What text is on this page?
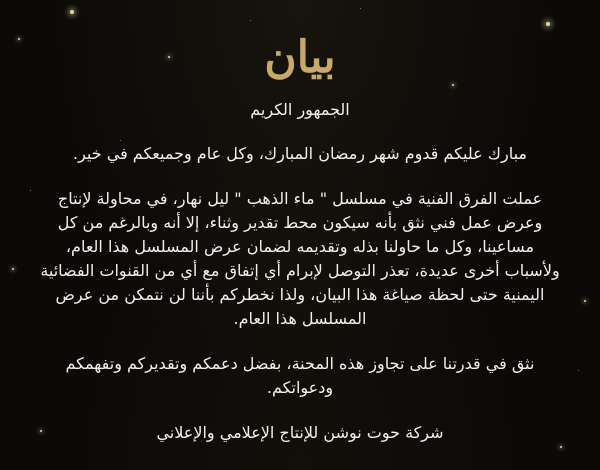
بيان
الجمهور الكريم
مبارك عليكم قدوم شهر رمضان المبارك، وكل عام وجميعكم في خير.
عملت الفرق الفنية في مسلسل " ماء الذهب " ليل نهار، في محاولة لإنتاج وعرض عمل فني نثق بأنه سيكون محط تقدير وثناء، إلا أنه وبالرغم من كل مساعينا، وكل ما حاولنا بذله وتقديمه لضمان عرض المسلسل هذا العام، ولأسباب أخرى عديدة، تعذر التوصل لإبرام أي إتفاق مع أي من القنوات الفضائية اليمنية حتى لحظة صياغة هذا البيان، ولذا نخطركم بأننا لن نتمكن من عرض المسلسل هذا العام.
نثق في قدرتنا على تجاوز هذه المحنة، بفضل دعمكم وتقديركم وتفهمكم ودعواتكم.
شركة حوت نوشن للإنتاج الإعلامي والإعلاني
